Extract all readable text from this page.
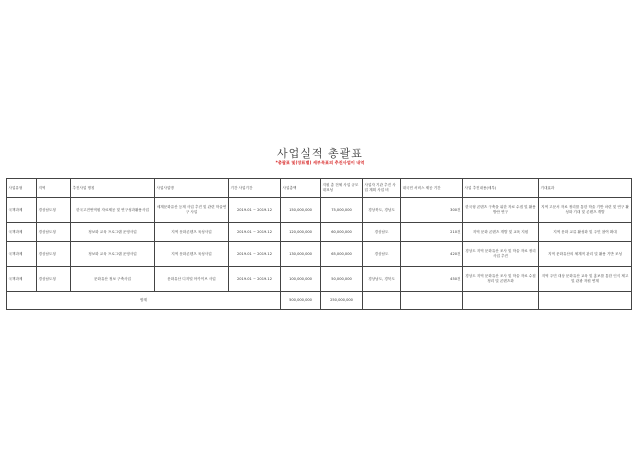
사업실적 총괄표
*총괄표 및(장표별) 세부목표의 추진사업이 내역
사업유형	지역	추진사업 명칭	사업사업명	기간 사업기간	사업총액	지원 총 전체 사업 규모 대표성	사업자 기관 추진 사업 계획 사업 비	대국민 서비스 제공 기간	사업 추진내용(세부)	기대효과
국책과제	경상남도청	한국고전번역원 자료제공 및 연구성과활용사업	세계문화유산 등재 사업 추진 및 관련 학술연구 사업	2019.01 ~ 2019.12	150,000,000	75,000,000	경상북도, 경남도	300건	한국형 콘텐츠 구축을 위한 자료 수집 및 활용 방안 연구	지역 고문서 자료 정리를 통한 학술 기반 마련 및 연구 활성화 기대 및 콘텐츠 개발
국책과제	경상남도청	정보화 교육 프로그램 운영사업	지역 문화콘텐츠 육성사업	2019.01 ~ 2019.12	120,000,000	60,000,000	경상남도	210건	지역 문화 콘텐츠 개발 및 교육 지원	지역 문화 교류 활성화 및 주민 참여 확대
국책과제	경상남도청	정보화 교육 프로그램 운영사업	지역 문화콘텐츠 육성사업	2019.01 ~ 2019.12	130,000,000	65,000,000	경상남도	420건	경상도 지역 문화유산 조사 및 학술 자료 정리 사업 추진	지역 문화유산의 체계적 관리 및 활용 기반 조성
국책과제	경상남도청	문화유산 정보 구축사업	문화유산 디지털 아카이브 사업	2019.01 ~ 2019.12	100,000,000	50,000,000	경상남도, 경북도	450건	경상도 지역 문화유산 조사 및 학술 자료 수집 정리 및 콘텐츠화	지역 주민 대상 문화유산 교육 및 홍보를 통한 인식 제고 및 관광 자원 연계
합계					500,000,000	250,000,000				
